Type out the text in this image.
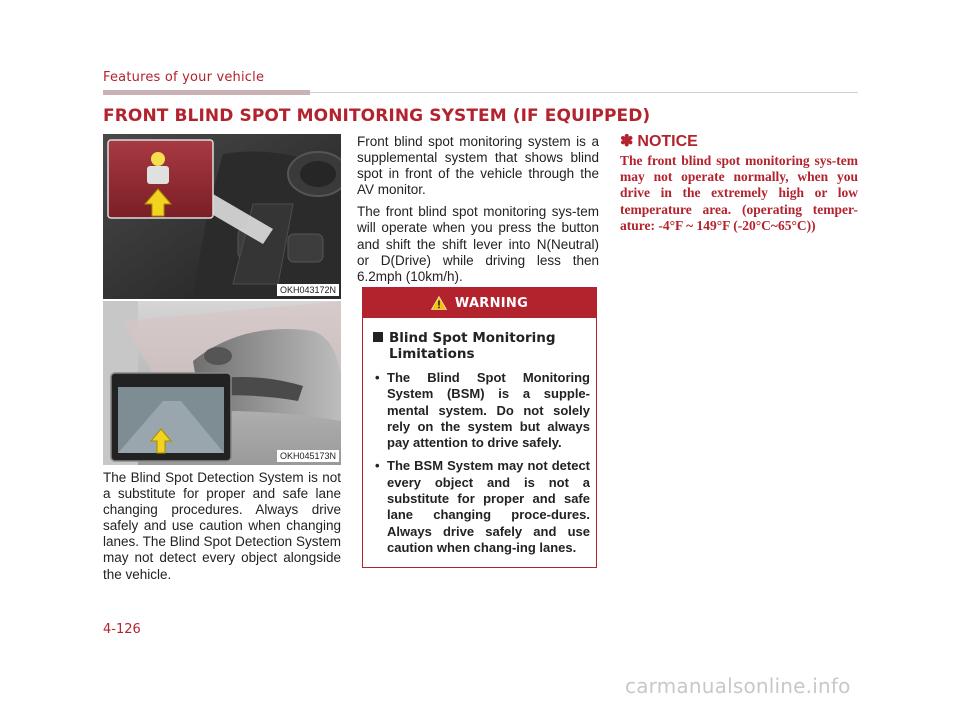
Features of your vehicle
FRONT BLIND SPOT MONITORING SYSTEM (IF EQUIPPED)
OKH043172N
OKH045173N
The Blind Spot Detection System is not a substitute for proper and safe lane changing procedures. Always drive safely and use caution when changing lanes. The Blind Spot Detection System may not detect every object alongside the vehicle.

Front blind spot monitoring system is a supplemental system that shows blind spot in front of the vehicle through the AV monitor.

The front blind spot monitoring sys-tem will operate when you press the button and shift the shift lever into N(Neutral) or D(Drive) while driving less then 6.2mph (10km/h).

WARNING
Blind Spot Monitoring
Limitations
• The Blind Spot Monitoring System (BSM) is a supple-mental system. Do not solely rely on the system but always pay attention to drive safely.
• The BSM System may not detect every object and is not a substitute for proper and safe lane changing proce-dures. Always drive safely and use caution when chang-ing lanes.
✽ NOTICE
The front blind spot monitoring sys-tem may not operate normally, when you drive in the extremely high or low temperature area. (operating temper-ature: -4°F ~ 149°F (-20°C~65°C))
4-126
carmanualsonline.info
